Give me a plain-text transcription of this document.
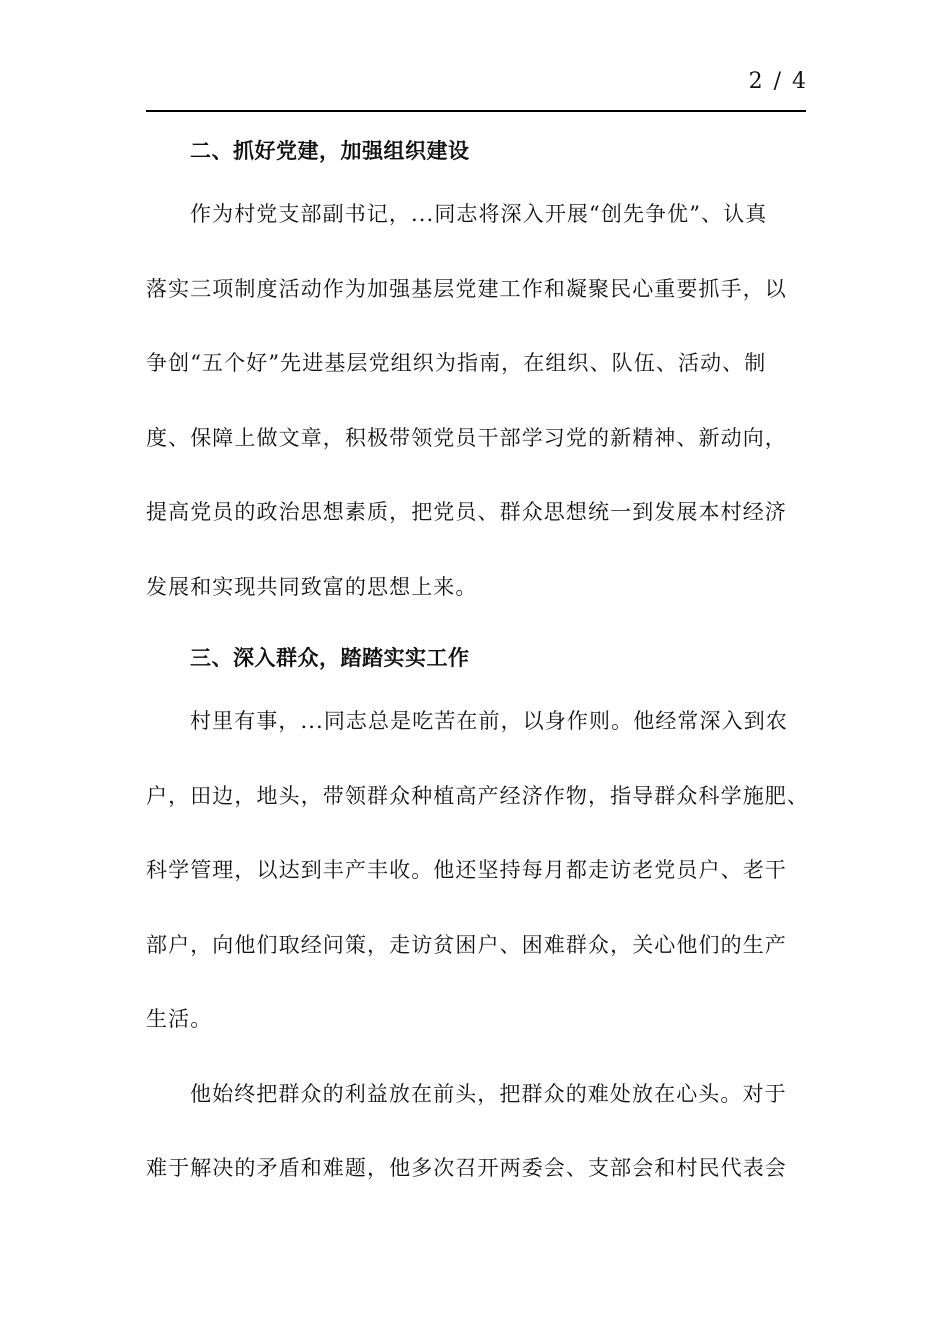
2 / 4
二、抓好党建，加强组织建设

作为村党支部副书记，...同志将深入开展“创先争优”、认真
落实三项制度活动作为加强基层党建工作和凝聚民心重要抓手，以
争创“五个好”先进基层党组织为指南，在组织、队伍、活动、制
度、保障上做文章，积极带领党员干部学习党的新精神、新动向，
提高党员的政治思想素质，把党员、群众思想统一到发展本村经济
发展和实现共同致富的思想上来。

三、深入群众，踏踏实实工作

村里有事，...同志总是吃苦在前，以身作则。他经常深入到农
户，田边，地头，带领群众种植高产经济作物，指导群众科学施肥、
科学管理，以达到丰产丰收。他还坚持每月都走访老党员户、老干
部户，向他们取经问策，走访贫困户、困难群众，关心他们的生产
生活。

他始终把群众的利益放在前头，把群众的难处放在心头。对于
难于解决的矛盾和难题，他多次召开两委会、支部会和村民代表会
